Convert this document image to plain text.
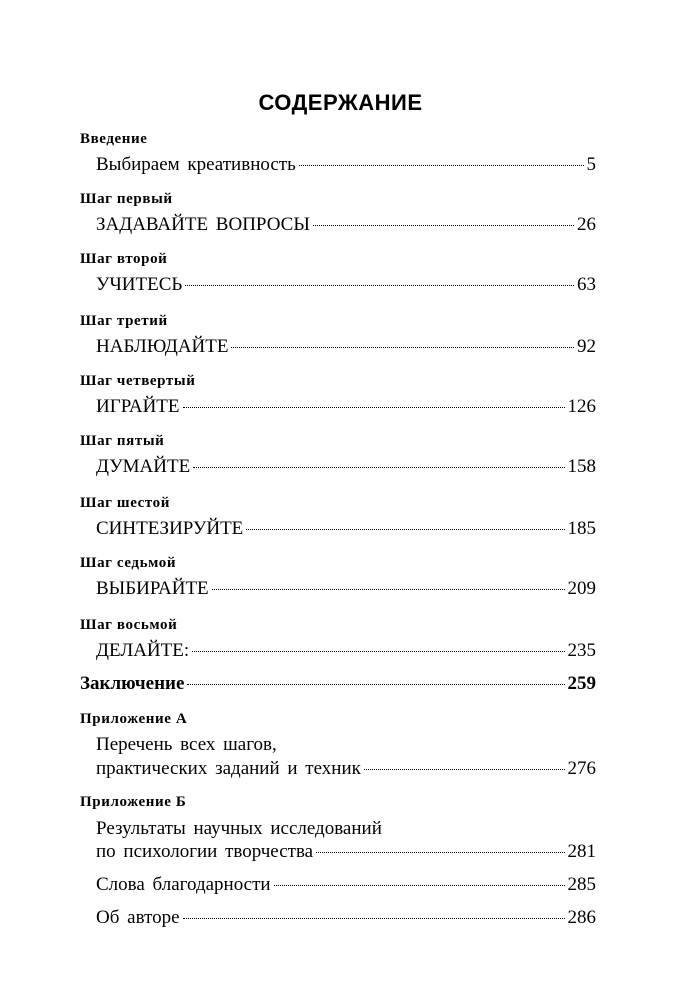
СОДЕРЖАНИЕ
Введение
Выбираем креативность	5
Шаг первый
ЗАДАВАЙТЕ ВОПРОСЫ	26
Шаг второй
УЧИТЕСЬ	63
Шаг третий
НАБЛЮДАЙТЕ	92
Шаг четвертый
ИГРАЙТЕ	126
Шаг пятый
ДУМАЙТЕ	158
Шаг шестой
СИНТЕЗИРУЙТЕ	185
Шаг седьмой
ВЫБИРАЙТЕ	209
Шаг восьмой
ДЕЛАЙТЕ:	235
Заключение	259
Приложение А
Перечень всех шагов,
практических заданий и техник	276
Приложение Б
Результаты научных исследований
по психологии творчества	281
Слова благодарности	285
Об авторе	286
